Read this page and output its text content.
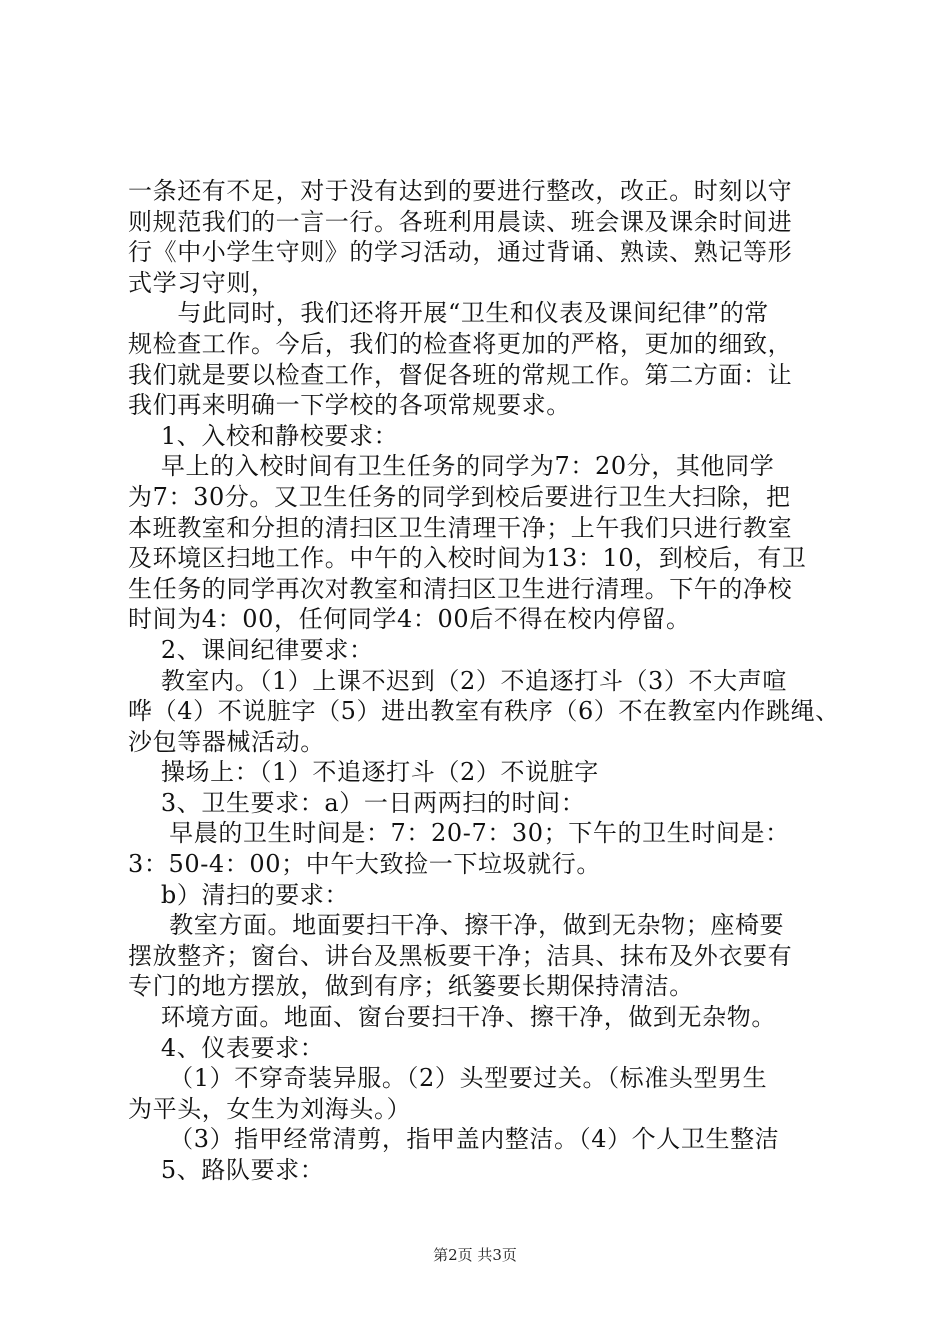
一条还有不足，对于没有达到的要进行整改，改正。时刻以守
则规范我们的一言一行。各班利用晨读、班会课及课余时间进
行《中小学生守则》的学习活动，通过背诵、熟读、熟记等形
式学习守则，
与此同时，我们还将开展“卫生和仪表及课间纪律”的常
规检查工作。今后，我们的检查将更加的严格，更加的细致，
我们就是要以检查工作，督促各班的常规工作。第二方面：让
我们再来明确一下学校的各项常规要求。
1、入校和静校要求：
早上的入校时间有卫生任务的同学为7：20分，其他同学
为7：30分。又卫生任务的同学到校后要进行卫生大扫除，把
本班教室和分担的清扫区卫生清理干净；上午我们只进行教室
及环境区扫地工作。中午的入校时间为13：10，到校后，有卫
生任务的同学再次对教室和清扫区卫生进行清理。下午的净校
时间为4：00，任何同学4：00后不得在校内停留。
2、课间纪律要求：
教室内。（1）上课不迟到（2）不追逐打斗（3）不大声喧
哗（4）不说脏字（5）进出教室有秩序（6）不在教室内作跳绳、
沙包等器械活动。
操场上：（1）不追逐打斗（2）不说脏字
3、卫生要求：a）一日两两扫的时间：
早晨的卫生时间是：7：20-7：30；下午的卫生时间是：
3：50-4：00；中午大致捡一下垃圾就行。
b）清扫的要求：
教室方面。地面要扫干净、擦干净，做到无杂物；座椅要
摆放整齐；窗台、讲台及黑板要干净；洁具、抹布及外衣要有
专门的地方摆放，做到有序；纸篓要长期保持清洁。
环境方面。地面、窗台要扫干净、擦干净，做到无杂物。
4、仪表要求：
（1）不穿奇装异服。（2）头型要过关。（标准头型男生
为平头，女生为刘海头。）
（3）指甲经常清剪，指甲盖内整洁。（4）个人卫生整洁
5、路队要求：
第2页 共3页
